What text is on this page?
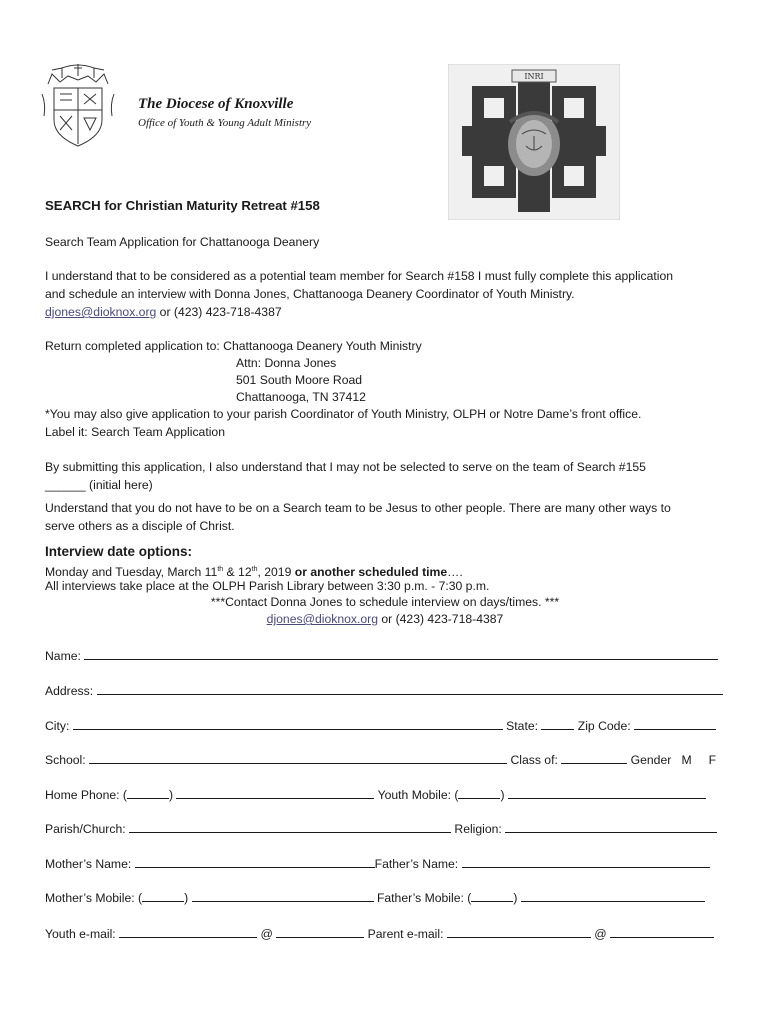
The Diocese of Knoxville
Office of Youth & Young Adult Ministry
INRI
SEARCH for Christian Maturity Retreat #158
Search Team Application for Chattanooga Deanery
I understand that to be considered as a potential team member for Search #158 I must fully complete this application
and schedule an interview with Donna Jones, Chattanooga Deanery Coordinator of Youth Ministry.
djones@dioknox.org or (423) 423-718-4387
Return completed application to: Chattanooga Deanery Youth Ministry
Attn: Donna Jones
501 South Moore Road
Chattanooga, TN 37412
*You may also give application to your parish Coordinator of Youth Ministry, OLPH or Notre Dame’s front office.
Label it: Search Team Application
By submitting this application, I also understand that I may not be selected to serve on the team of Search #155
______ (initial here)
Understand that you do not have to be on a Search team to be Jesus to other people. There are many other ways to
serve others as a disciple of Christ.
Interview date options:
Monday and Tuesday, March 11th & 12th, 2019 or another scheduled time….
All interviews take place at the OLPH Parish Library between 3:30 p.m. - 7:30 p.m.
***Contact Donna Jones to schedule interview on days/times. ***
djones@dioknox.org or (423) 423-718-4387
Name:
Address:
City:	State:	Zip Code:
School:	Class of:	Gender M F
Home Phone: (	)	Youth Mobile: (	)
Parish/Church:	Religion:
Mother’s Name:	Father’s Name:
Mother’s Mobile: (	)	Father’s Mobile: (	)
Youth e-mail:	@	Parent e-mail:	@
